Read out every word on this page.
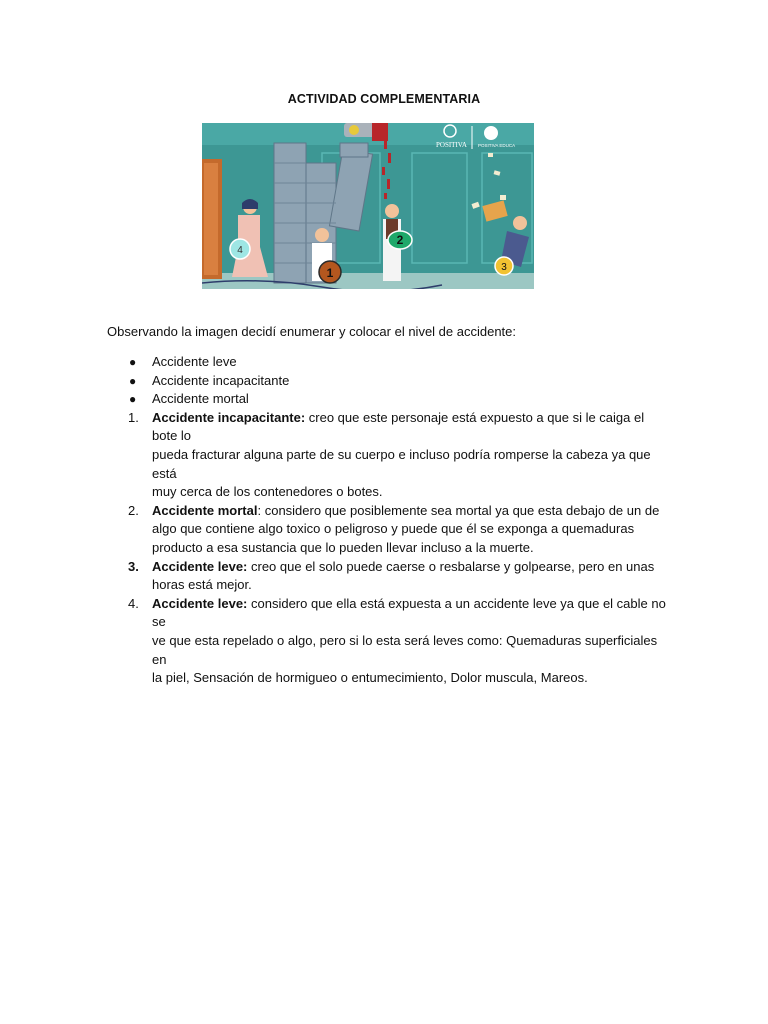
ACTIVIDAD COMPLEMENTARIA
POSITIVA POSITIVA EDUCA
1
2
3
4
Observando la imagen decidí enumerar y colocar el nivel de accidente:
● Accidente leve
● Accidente incapacitante
● Accidente mortal
1. Accidente incapacitante: creo que este personaje está expuesto a que si le caiga el bote lo
pueda fracturar alguna parte de su cuerpo e incluso podría romperse la cabeza ya que está
muy cerca de los contenedores o botes.
2. Accidente mortal: considero que posiblemente sea mortal ya que esta debajo de un de
algo que contiene algo toxico o peligroso y puede que él se exponga a quemaduras
producto a esa sustancia que lo pueden llevar incluso a la muerte.
3. Accidente leve: creo que el solo puede caerse o resbalarse y golpearse, pero en unas
horas está mejor.
4. Accidente leve: considero que ella está expuesta a un accidente leve ya que el cable no se
ve que esta repelado o algo, pero si lo esta será leves como: Quemaduras superficiales en
la piel, Sensación de hormigueo o entumecimiento, Dolor muscula, Mareos.
